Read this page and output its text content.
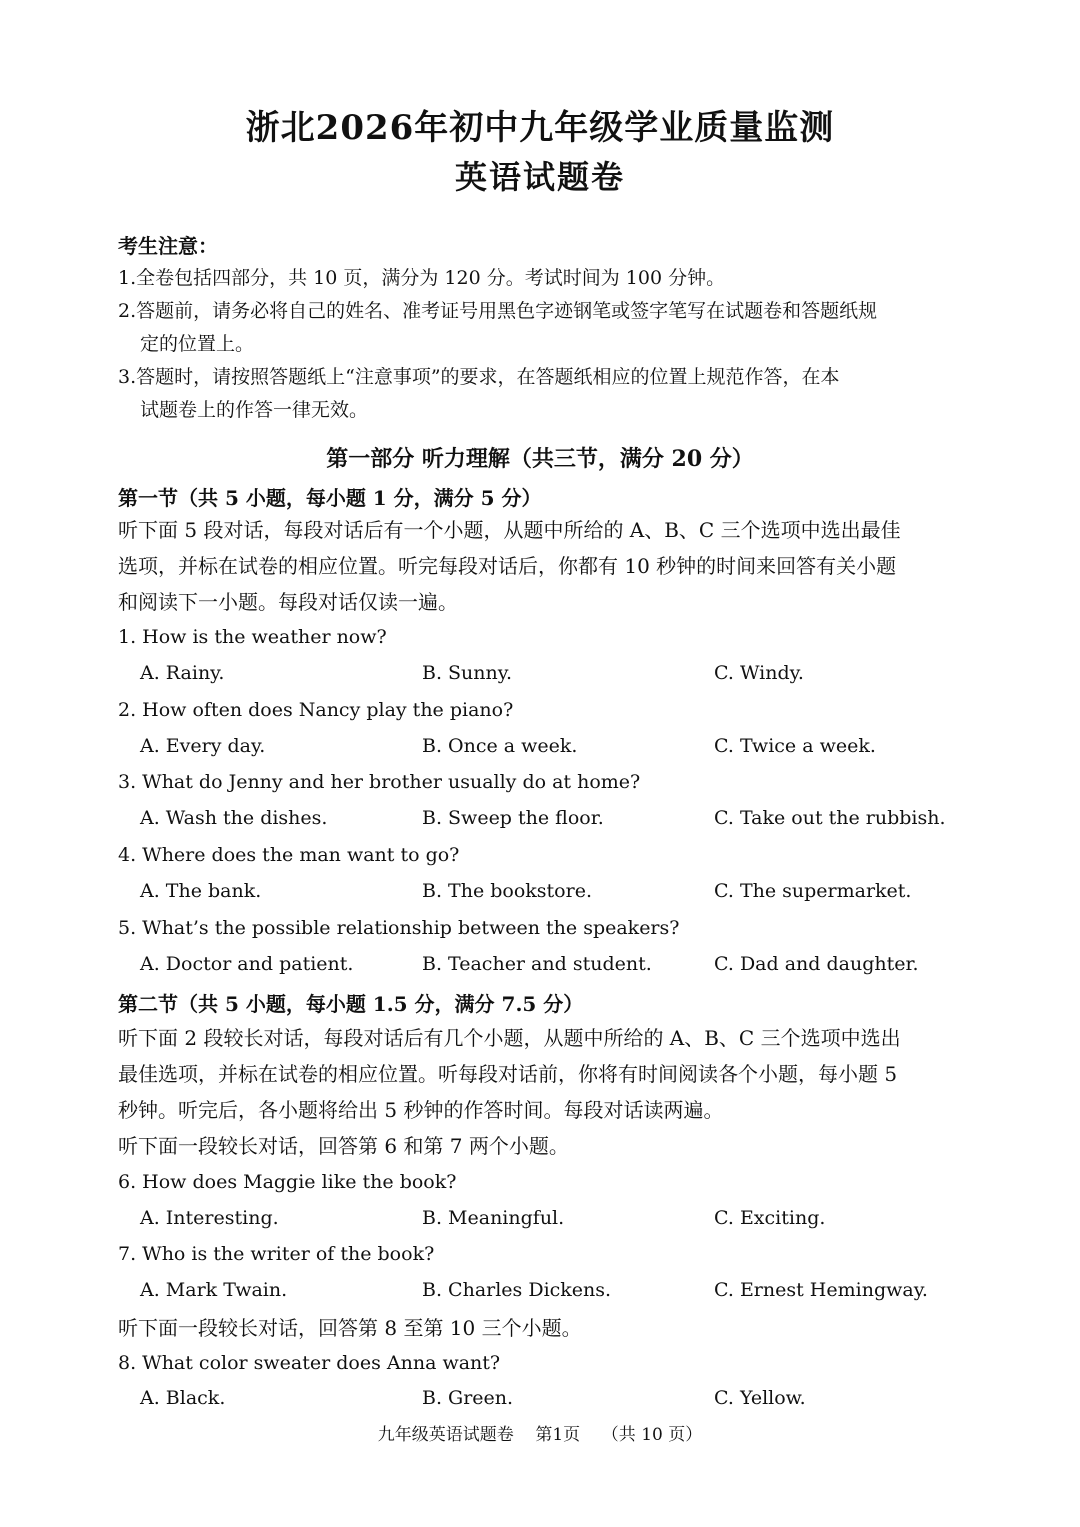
浙北2026年初中九年级学业质量监测
英语试题卷
考生注意：
1.全卷包括四部分，共 10 页，满分为 120 分。考试时间为 100 分钟。
2.答题前，请务必将自己的姓名、准考证号用黑色字迹钢笔或签字笔写在试题卷和答题纸规
定的位置上。
3.答题时，请按照答题纸上“注意事项”的要求，在答题纸相应的位置上规范作答，在本
试题卷上的作答一律无效。
第一部分 听力理解（共三节，满分 20 分）
第一节（共 5 小题，每小题 1 分，满分 5 分）
听下面 5 段对话，每段对话后有一个小题，从题中所给的 A、B、C 三个选项中选出最佳
选项，并标在试卷的相应位置。听完每段对话后，你都有 10 秒钟的时间来回答有关小题
和阅读下一小题。每段对话仅读一遍。
1. How is the weather now?
A. Rainy.	B. Sunny.	C. Windy.
2. How often does Nancy play the piano?
A. Every day.	B. Once a week.	C. Twice a week.
3. What do Jenny and her brother usually do at home?
A. Wash the dishes.	B. Sweep the floor.	C. Take out the rubbish.
4. Where does the man want to go?
A. The bank.	B. The bookstore.	C. The supermarket.
5. What’s the possible relationship between the speakers?
A. Doctor and patient.	B. Teacher and student.	C. Dad and daughter.
第二节（共 5 小题，每小题 1.5 分，满分 7.5 分）
听下面 2 段较长对话，每段对话后有几个小题，从题中所给的 A、B、C 三个选项中选出
最佳选项，并标在试卷的相应位置。听每段对话前，你将有时间阅读各个小题，每小题 5
秒钟。听完后，各小题将给出 5 秒钟的作答时间。每段对话读两遍。
听下面一段较长对话，回答第 6 和第 7 两个小题。
6. How does Maggie like the book?
A. Interesting.	B. Meaningful.	C. Exciting.
7. Who is the writer of the book?
A. Mark Twain.	B. Charles Dickens.	C. Ernest Hemingway.
听下面一段较长对话，回答第 8 至第 10 三个小题。
8. What color sweater does Anna want?
A. Black.	B. Green.	C. Yellow.
九年级英语试题卷    第1页    （共 10 页）
